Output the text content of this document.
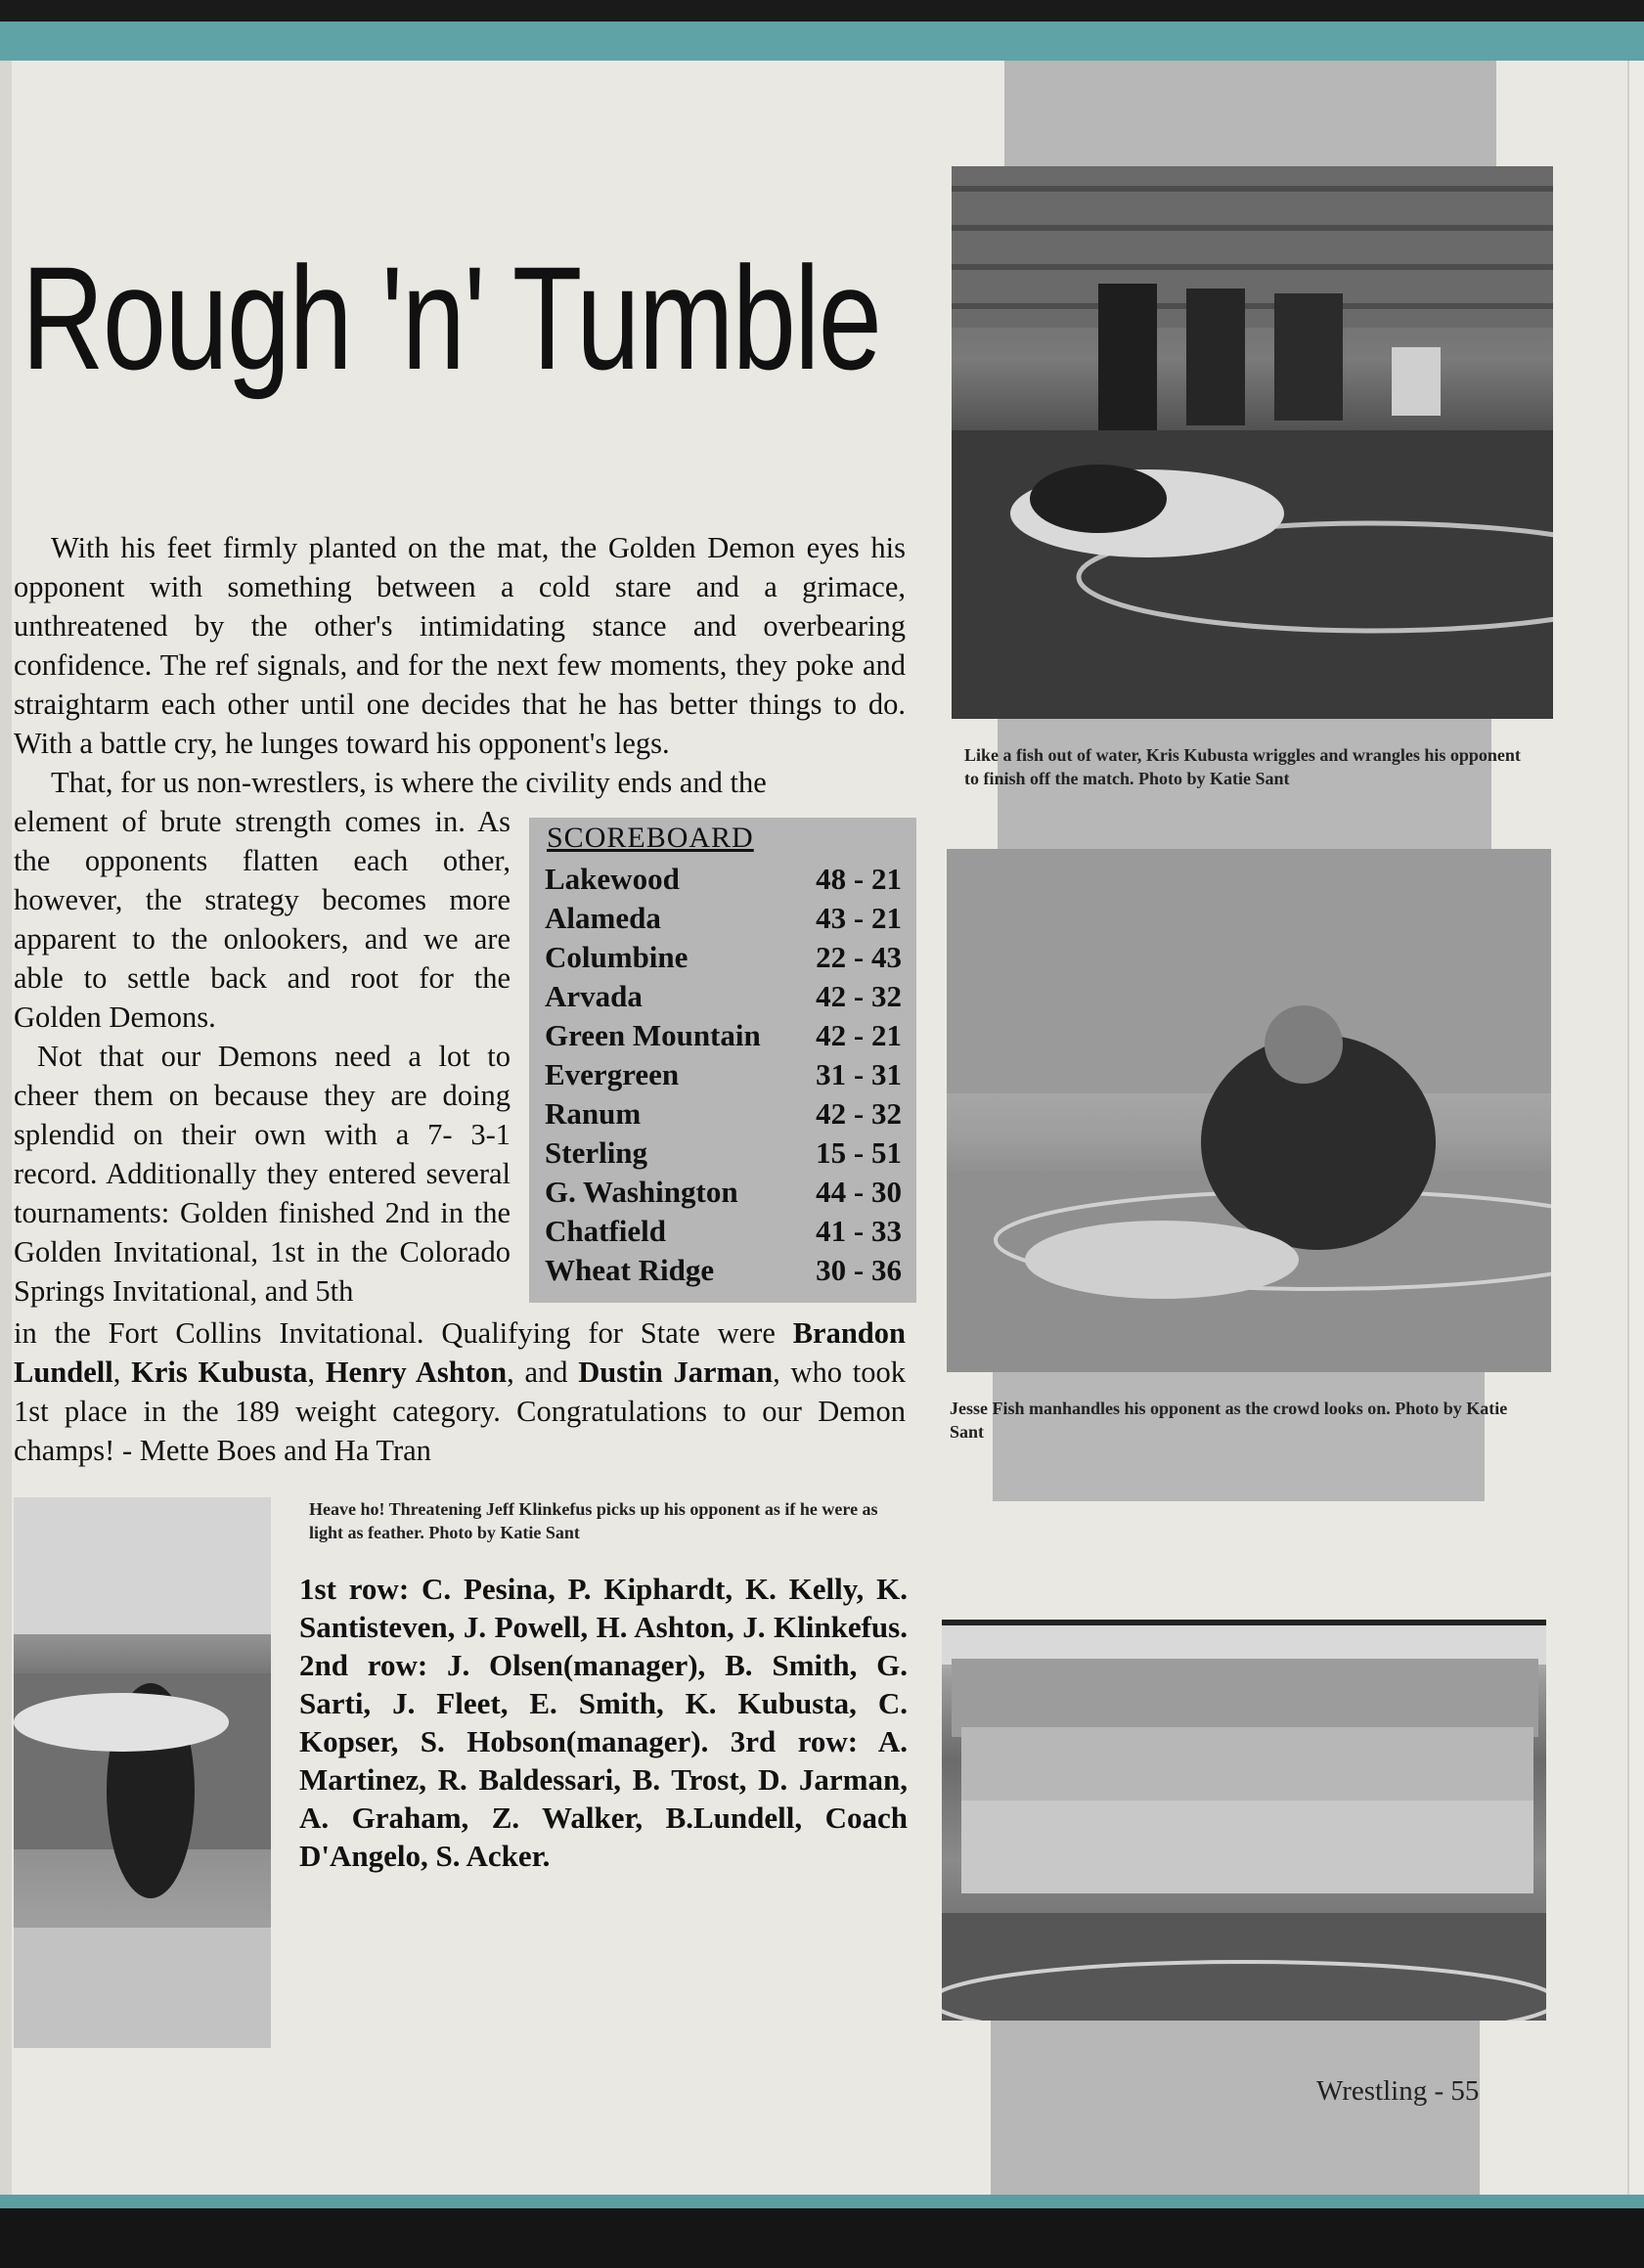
Rough 'n' Tumble

With his feet firmly planted on the mat, the Golden Demon eyes his opponent with something between a cold stare and a grimace, unthreatened by the other's intimidating stance and overbearing confidence. The ref signals, and for the next few moments, they poke and straightarm each other until one decides that he has better things to do. With a battle cry, he lunges toward his opponent's legs.

That, for us non-wrestlers, is where the civility ends and the

element of brute strength comes in. As the opponents flatten each other, however, the strategy becomes more apparent to the onlookers, and we are able to settle back and root for the Golden Demons.

Not that our Demons need a lot to cheer them on because they are doing splendid on their own with a 7- 3-1 record. Additionally they entered several tournaments: Golden finished 2nd in the Golden Invitational, 1st in the Colorado Springs Invitational, and 5th

in the Fort Collins Invitational. Qualifying for State were Brandon Lundell, Kris Kubusta, Henry Ashton, and Dustin Jarman, who took 1st place in the 189 weight category. Congratulations to our Demon champs! - Mette Boes and Ha Tran

SCOREBOARD
Lakewood	48 - 21
Alameda	43 - 21
Columbine	22 - 43
Arvada	42 - 32
Green Mountain 42 - 21
Evergreen	31 - 31
Ranum	42 - 32
Sterling	15 - 51
G. Washington	44 - 30
Chatfield	41 - 33
Wheat Ridge	30 - 36
Like a fish out of water, Kris Kubusta wriggles and wrangles his opponent to finish off the match. Photo by Katie Sant
Jesse Fish manhandles his opponent as the crowd looks on. Photo by Katie Sant
Heave ho! Threatening Jeff Klinkefus picks up his opponent as if he were as light as feather. Photo by Katie Sant
1st row: C. Pesina, P. Kiphardt, K. Kelly, K. Santisteven, J. Powell, H. Ashton, J. Klinkefus. 2nd row: J. Olsen(manager), B. Smith, G. Sarti, J. Fleet, E. Smith, K. Kubusta, C. Kopser, S. Hobson(manager). 3rd row: A. Martinez, R. Baldessari, B. Trost, D. Jarman, A. Graham, Z. Walker, B.Lundell, Coach D'Angelo, S. Acker.
Wrestling - 55
